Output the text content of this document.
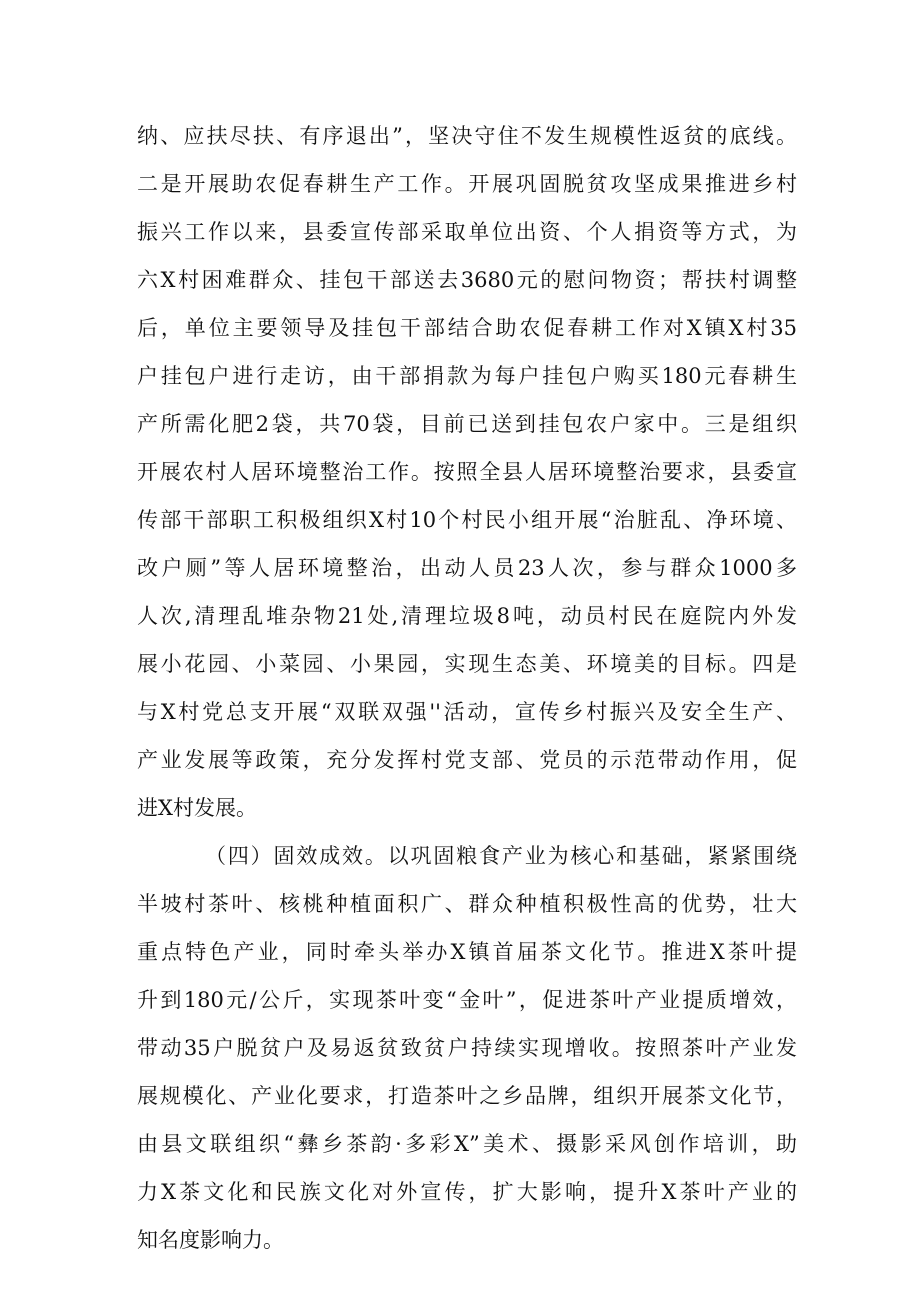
纳、应扶尽扶、有序退出”，坚决守住不发生规模性返贫的底线。
二是开展助农促春耕生产工作。开展巩固脱贫攻坚成果推进乡村
振兴工作以来，县委宣传部采取单位出资、个人捐资等方式，为
六X村困难群众、挂包干部送去3680元的慰问物资；帮扶村调整
后，单位主要领导及挂包干部结合助农促春耕工作对X镇X村35
户挂包户进行走访，由干部捐款为每户挂包户购买180元春耕生
产所需化肥2袋，共70袋，目前已送到挂包农户家中。三是组织
开展农村人居环境整治工作。按照全县人居环境整治要求，县委宣
传部干部职工积极组织X村10个村民小组开展“治脏乱、净环境、
改户厕”等人居环境整治，出动人员23人次，参与群众1000多
人次,清理乱堆杂物21处,清理垃圾8吨，动员村民在庭院内外发
展小花园、小菜园、小果园，实现生态美、环境美的目标。四是
与X村党总支开展“双联双强''活动，宣传乡村振兴及安全生产、
产业发展等政策，充分发挥村党支部、党员的示范带动作用，促
进X村发展。
（四）固效成效。以巩固粮食产业为核心和基础，紧紧围绕
半坡村茶叶、核桃种植面积广、群众种植积极性高的优势，壮大
重点特色产业，同时牵头举办X镇首届茶文化节。推进X茶叶提
升到180元/公斤，实现茶叶变“金叶”，促进茶叶产业提质增效，
带动35户脱贫户及易返贫致贫户持续实现增收。按照茶叶产业发
展规模化、产业化要求，打造茶叶之乡品牌，组织开展茶文化节，
由县文联组织“彝乡茶韵·多彩X”美术、摄影采风创作培训，助
力X茶文化和民族文化对外宣传，扩大影响，提升X茶叶产业的
知名度影响力。
